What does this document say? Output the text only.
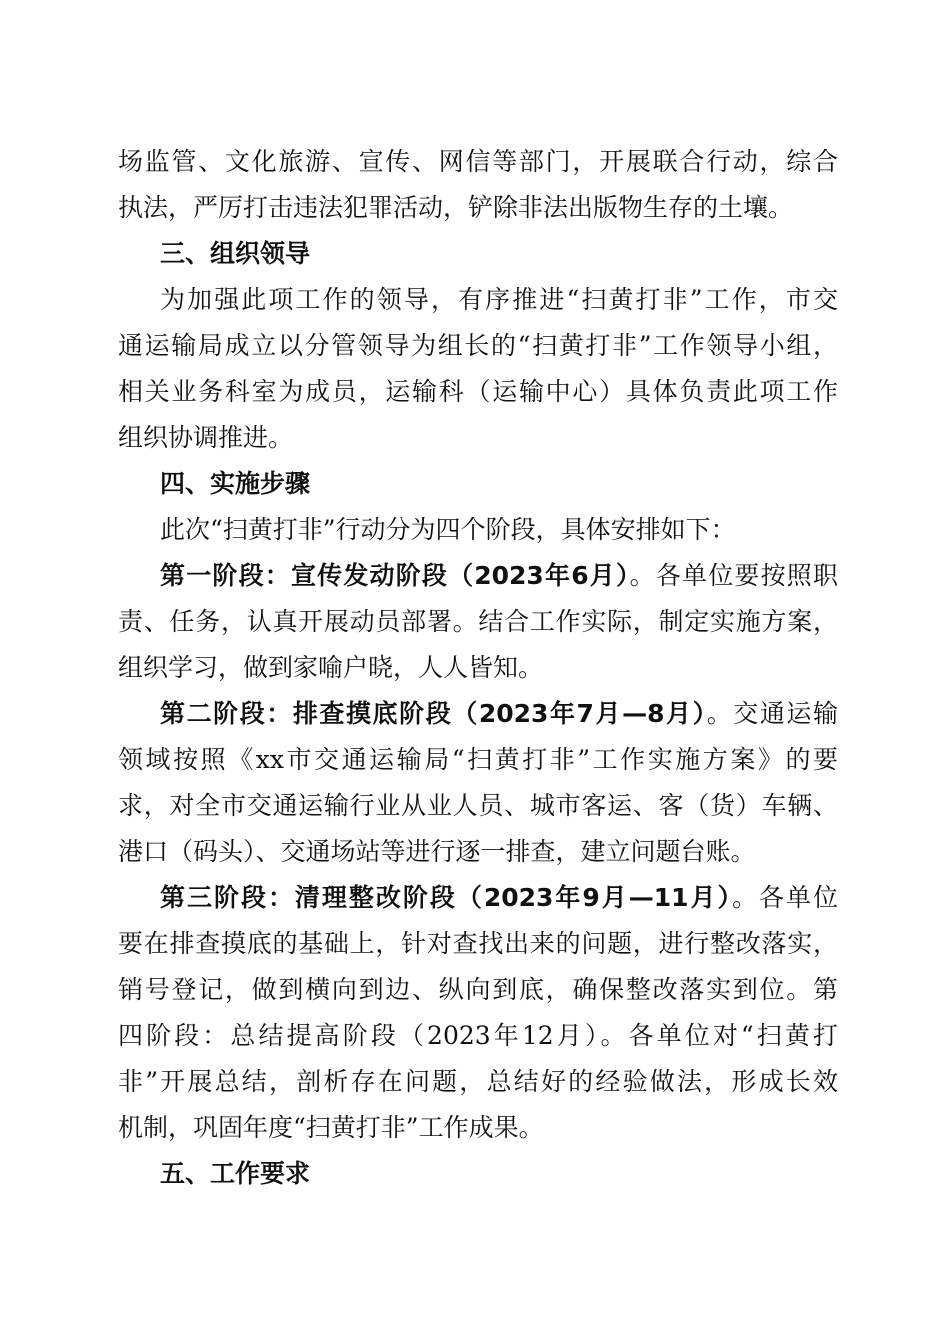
场监管、文化旅游、宣传、网信等部门，开展联合行动，综合
执法，严厉打击违法犯罪活动，铲除非法出版物生存的土壤。
三、组织领导
为加强此项工作的领导，有序推进“扫黄打非”工作，市交
通运输局成立以分管领导为组长的“扫黄打非”工作领导小组，
相关业务科室为成员，运输科（运输中心）具体负责此项工作
组织协调推进。
四、实施步骤
此次“扫黄打非”行动分为四个阶段，具体安排如下：
第一阶段：宣传发动阶段（2023年6月）。各单位要按照职
责、任务，认真开展动员部署。结合工作实际，制定实施方案，
组织学习，做到家喻户晓，人人皆知。
第二阶段：排查摸底阶段（2023年7月—8月）。交通运输
领域按照《xx市交通运输局“扫黄打非”工作实施方案》的要
求，对全市交通运输行业从业人员、城市客运、客（货）车辆、
港口（码头）、交通场站等进行逐一排查，建立问题台账。
第三阶段：清理整改阶段（2023年9月—11月）。各单位
要在排查摸底的基础上，针对查找出来的问题，进行整改落实，
销号登记，做到横向到边、纵向到底，确保整改落实到位。第
四阶段：总结提高阶段（2023年12月）。各单位对“扫黄打
非”开展总结，剖析存在问题，总结好的经验做法，形成长效
机制，巩固年度“扫黄打非”工作成果。
五、工作要求
